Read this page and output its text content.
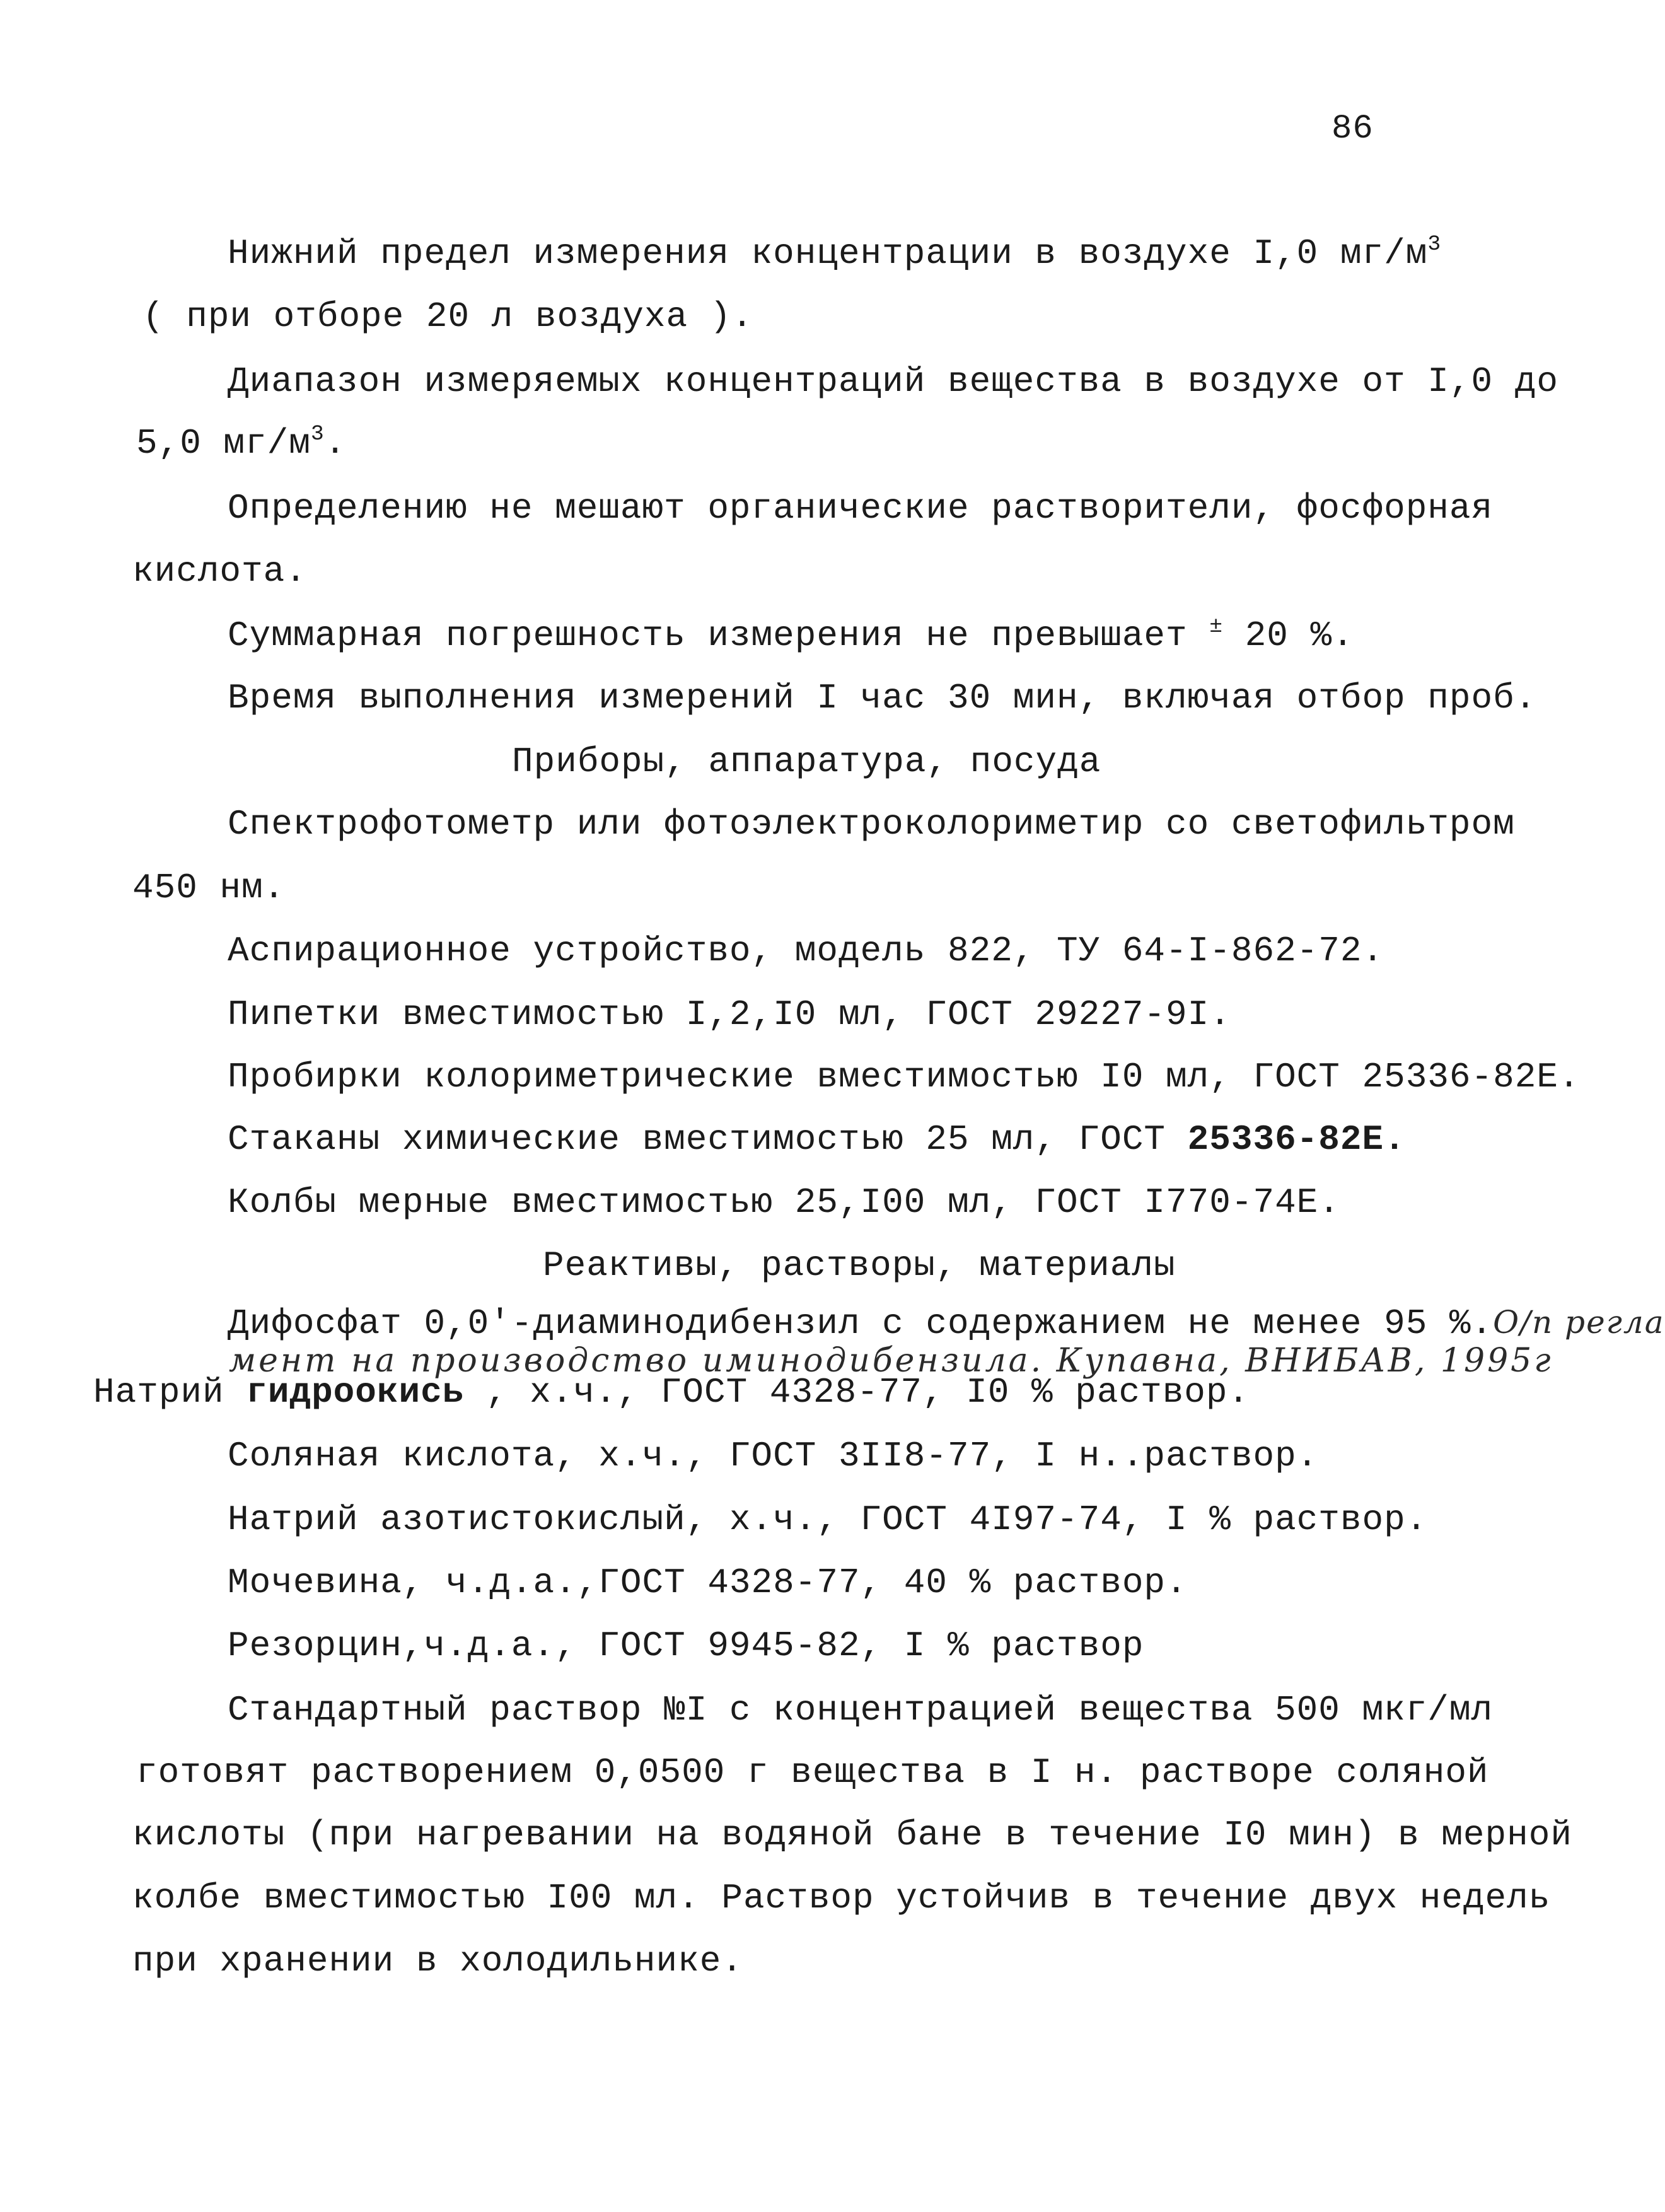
86
Нижний предел измерения концентрации в воздухе I,0 $мг/м^3$
( при отборе 20 л воздуха ).
Диапазон измеряемых концентраций вещества в воздухе от I,0 до
5,0 $мг/м^3$.
Определению не мешают органические растворители, фосфорная
кислота.
Суммарная погрешность измерения не превышает ± 20 %.
Время выполнения измерений I час 30 мин, включая отбор проб.
Приборы, аппаратура, посуда
Спектрофотометр или фотоэлектроколориметир со светофильтром
450 нм.
Аспирационное устройство, модель 822, ТУ 64-I-862-72.
Пипетки вместимостью I,2,I0 мл, ГОСТ 29227-9I.
Пробирки колориметрические вместимостью I0 мл, ГОСТ 25336-82Е.
Стаканы химические вместимостью 25 мл, ГОСТ 25336-82Е.
Колбы мерные вместимостью 25,I00 мл, ГОСТ I770-74Е.
Реактивы, растворы, материалы
Дифосфат 0,0'-диаминодибензил с содержанием не менее 95 %.О/п регла
мент на производство иминодибензила. Купавна, ВНИБАВ, 1995г
Натрий гидроокись , х.ч., ГОСТ 4328-77, I0 % раствор.
Соляная кислота, х.ч., ГОСТ 3II8-77, I н..раствор.
Натрий азотистокислый, х.ч., ГОСТ 4I97-74, I % раствор.
Мочевина, ч.д.а.,ГОСТ 4328-77, 40 % раствор.
Резорцин,ч.д.а., ГОСТ 9945-82, I % раствор
Стандартный раствор №I с концентрацией вещества 500 мкг/мл
готовят растворением 0,0500 г вещества в I н. растворе соляной
кислоты (при нагревании на водяной бане в течение I0 мин) в мерной
колбе вместимостью I00 мл. Раствор устойчив в течение двух недель
при хранении в холодильнике.
